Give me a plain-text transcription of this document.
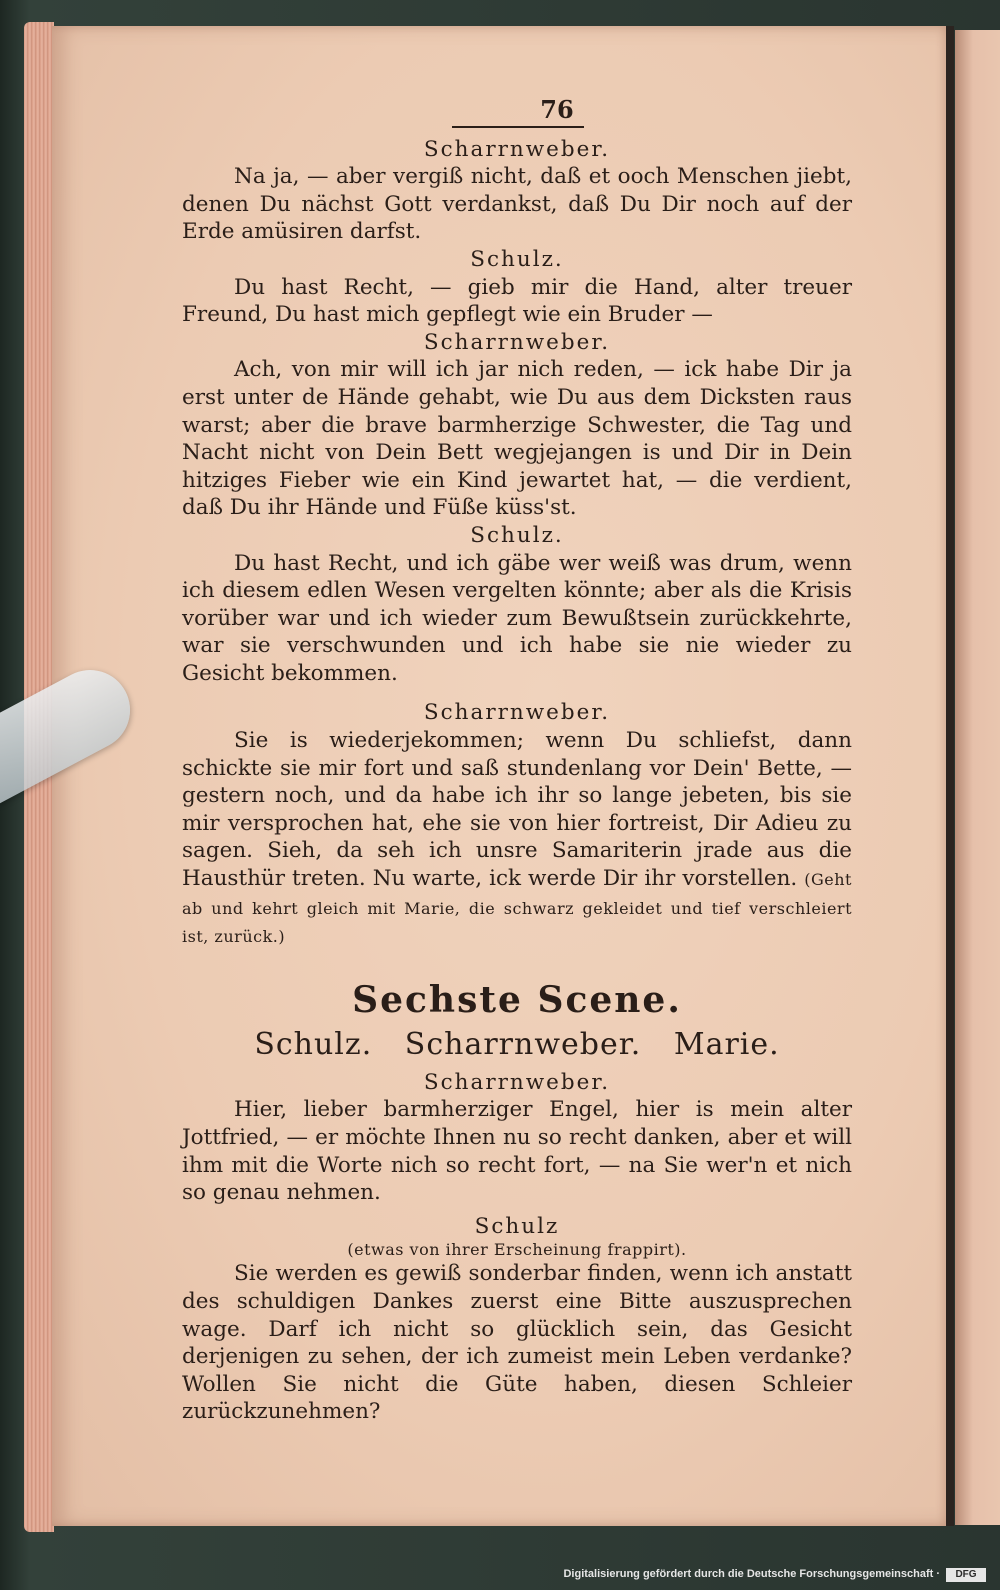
76
Scharrnweber.

Na ja, — aber vergiß nicht, daß et ooch Menschen jiebt, denen Du nächst Gott verdankst, daß Du Dir noch auf der Erde amüsiren darfst.

Schulz.

Du hast Recht, — gieb mir die Hand, alter treuer Freund, Du hast mich gepflegt wie ein Bruder —

Scharrnweber.

Ach, von mir will ich jar nich reden, — ick habe Dir ja erst unter de Hände gehabt, wie Du aus dem Dicksten raus warst; aber die brave barmherzige Schwester, die Tag und Nacht nicht von Dein Bett wegjejangen is und Dir in Dein hitziges Fieber wie ein Kind jewartet hat, — die verdient, daß Du ihr Hände und Füße küss'st.

Schulz.

Du hast Recht, und ich gäbe wer weiß was drum, wenn ich diesem edlen Wesen vergelten könnte; aber als die Krisis vorüber war und ich wieder zum Bewußtsein zurückkehrte, war sie verschwunden und ich habe sie nie wieder zu Gesicht bekommen.

Scharrnweber.

Sie is wiederjekommen; wenn Du schliefst, dann schickte sie mir fort und saß stundenlang vor Dein' Bette, — gestern noch, und da habe ich ihr so lange jebeten, bis sie mir versprochen hat, ehe sie von hier fortreist, Dir Adieu zu sagen. Sieh, da seh ich unsre Samariterin jrade aus die Hausthür treten. Nu warte, ick werde Dir ihr vorstellen. (Geht ab und kehrt gleich mit Marie, die schwarz gekleidet und tief verschleiert ist, zurück.)

Sechste Scene.
Schulz. Scharrnweber. Marie.
Scharrnweber.

Hier, lieber barmherziger Engel, hier is mein alter Jottfried, — er möchte Ihnen nu so recht danken, aber et will ihm mit die Worte nich so recht fort, — na Sie wer'n et nich so genau nehmen.

Schulz
(etwas von ihrer Erscheinung frappirt).

Sie werden es gewiß sonderbar finden, wenn ich anstatt des schuldigen Dankes zuerst eine Bitte auszusprechen wage. Darf ich nicht so glücklich sein, das Gesicht derjenigen zu sehen, der ich zumeist mein Leben verdanke? Wollen Sie nicht die Güte haben, diesen Schleier zurückzunehmen?

Digitalisierung gefördert durch die Deutsche Forschungsgemeinschaft ·	DFG
